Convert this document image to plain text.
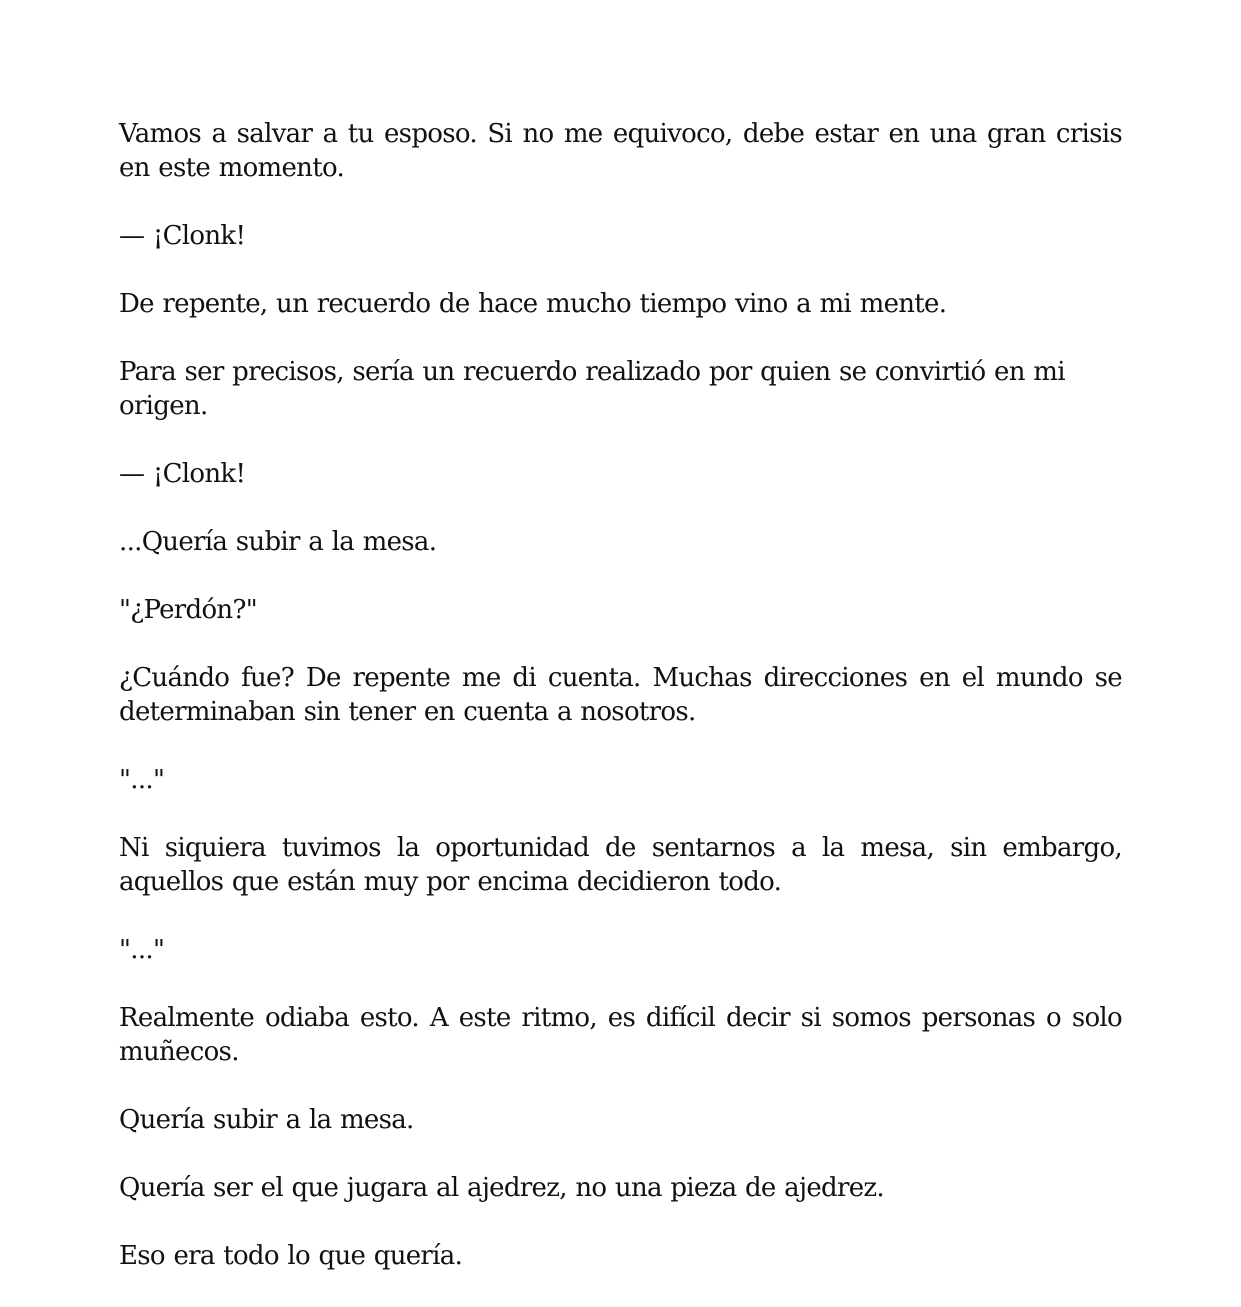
Vamos a salvar a tu esposo. Si no me equivoco, debe estar en una gran crisis en este momento.

— ¡Clonk!

De repente, un recuerdo de hace mucho tiempo vino a mi mente.

Para ser precisos, sería un recuerdo realizado por quien se convirtió en mi origen.

— ¡Clonk!

...Quería subir a la mesa.

"¿Perdón?"

¿Cuándo fue? De repente me di cuenta. Muchas direcciones en el mundo se determinaban sin tener en cuenta a nosotros.

"..."

Ni siquiera tuvimos la oportunidad de sentarnos a la mesa, sin embargo, aquellos que están muy por encima decidieron todo.

"..."

Realmente odiaba esto. A este ritmo, es difícil decir si somos personas o solo muñecos.

Quería subir a la mesa.

Quería ser el que jugara al ajedrez, no una pieza de ajedrez.

Eso era todo lo que quería.
